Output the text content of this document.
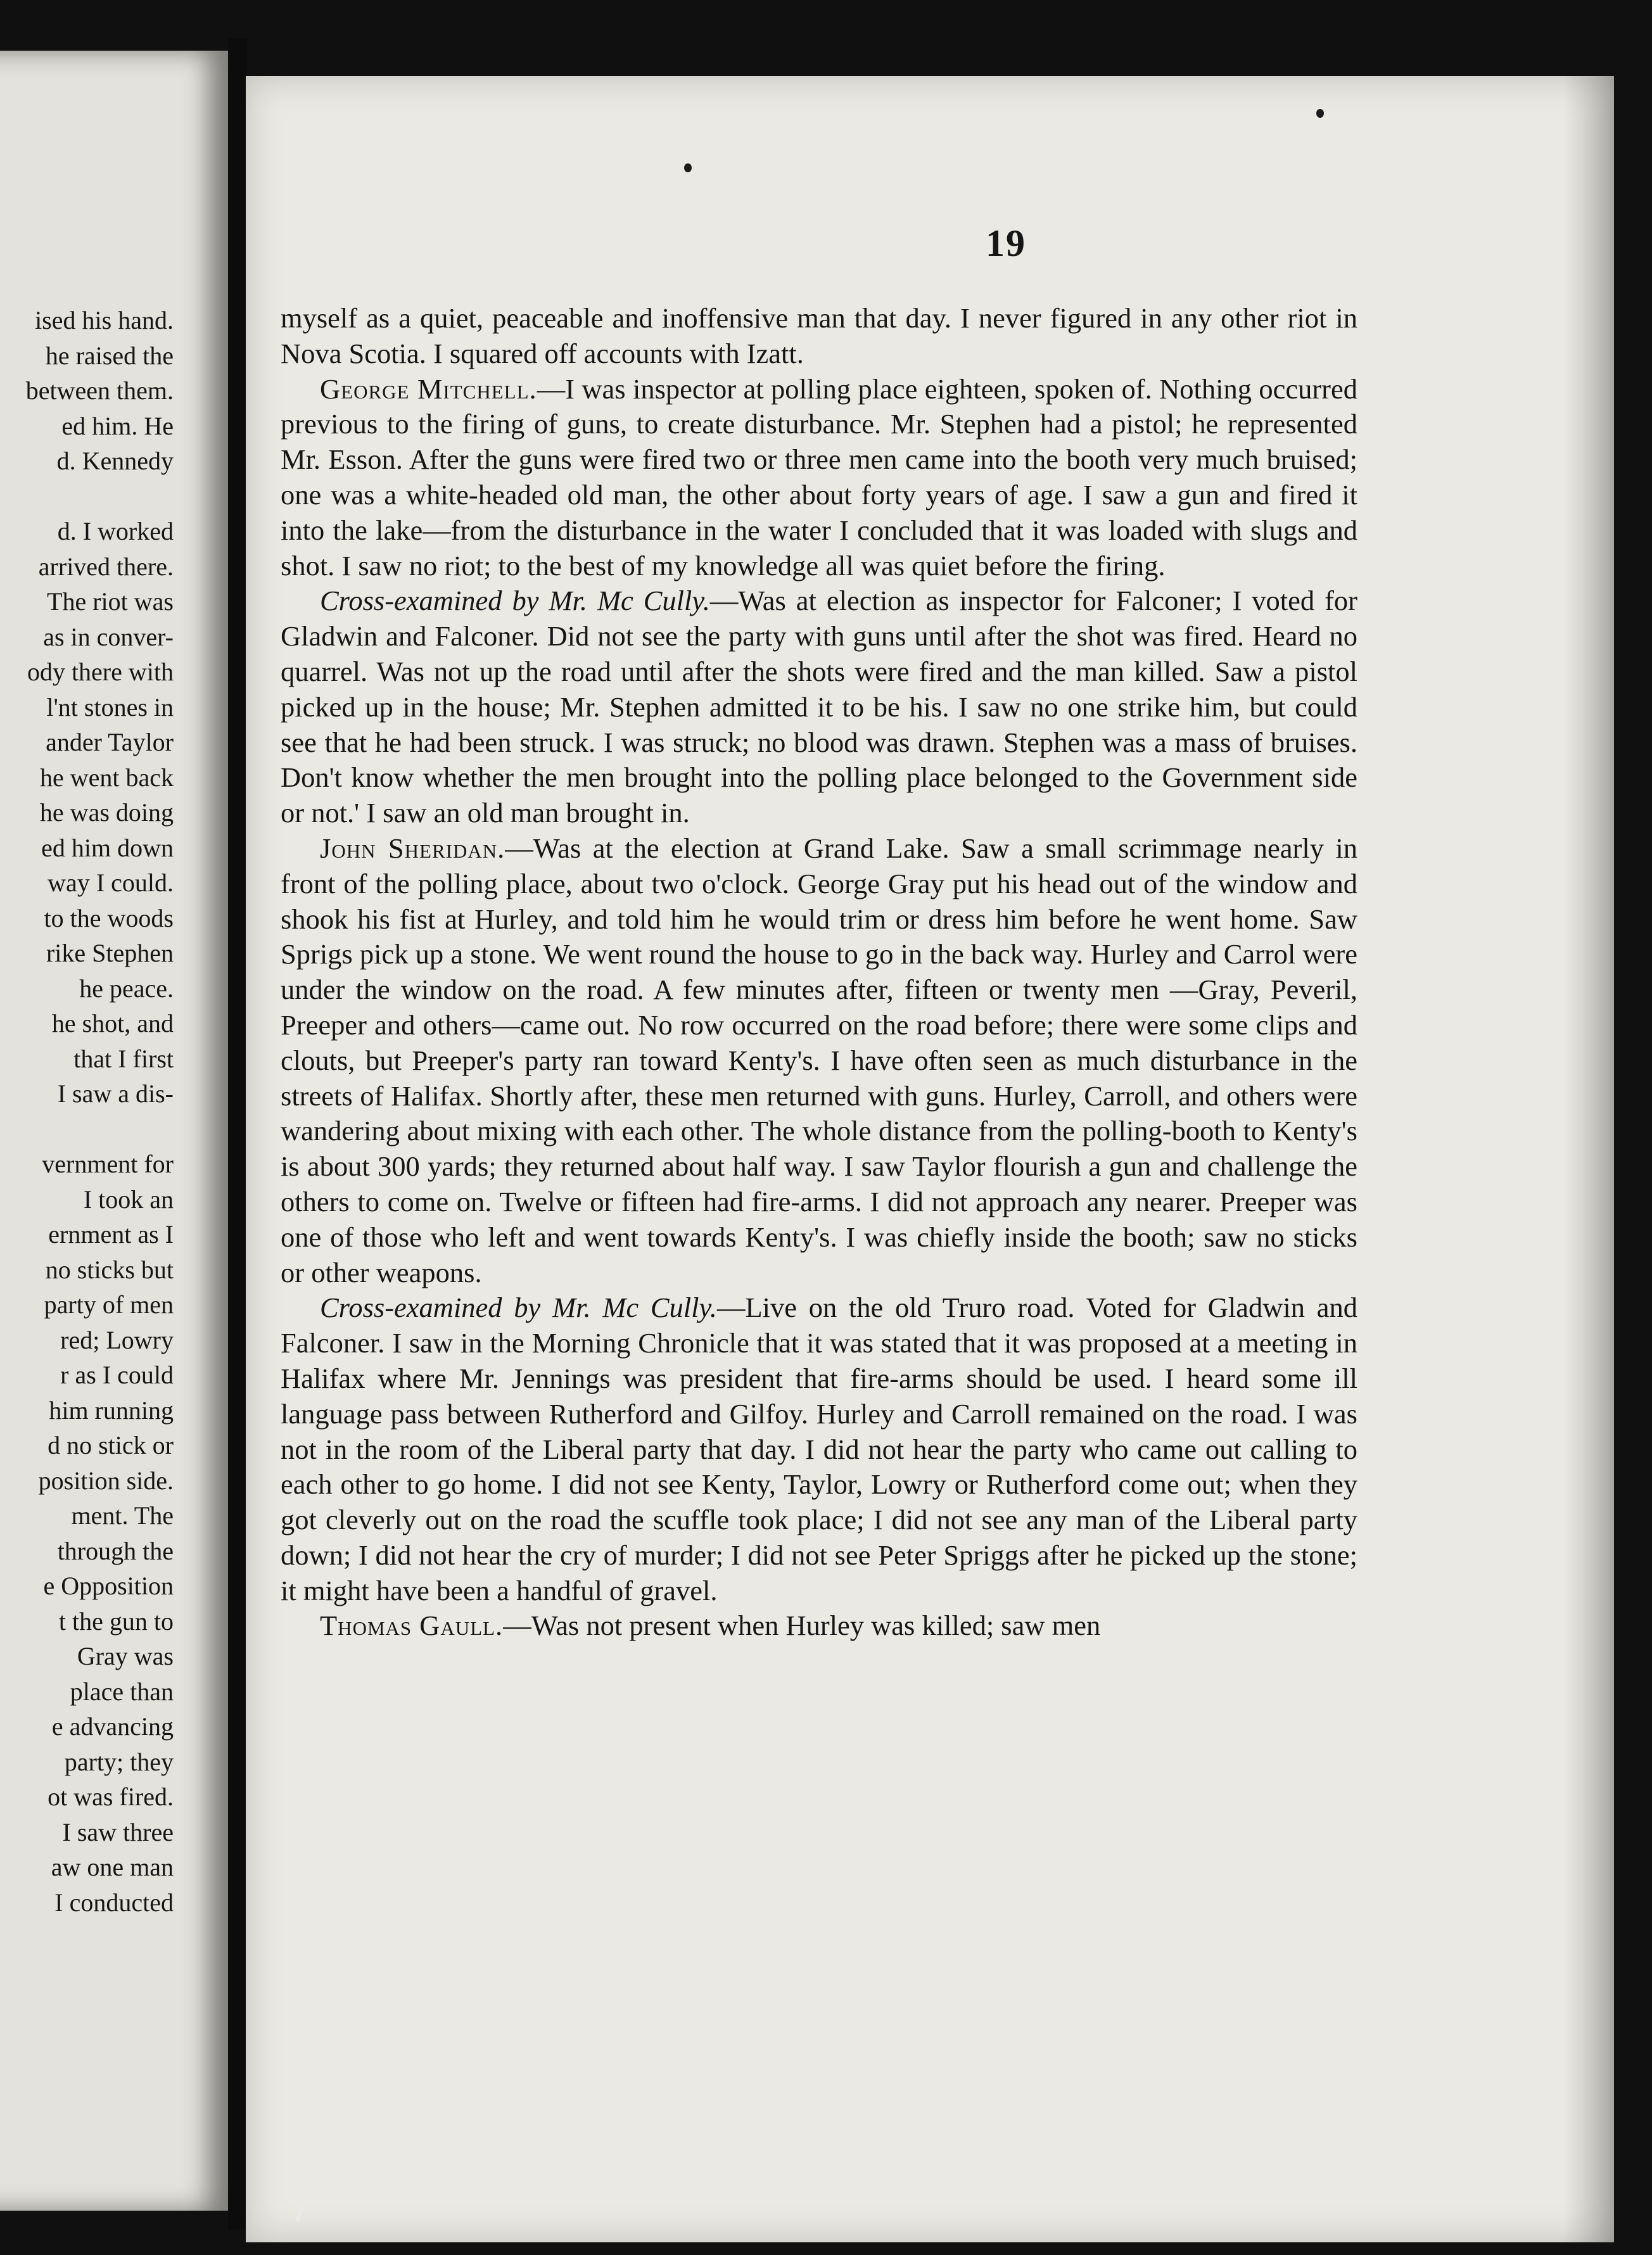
ised his hand.
he raised the
between them.
ed him. He
d. Kennedy
d. I worked
arrived there.
The riot was
as in conver-
ody there with
l'nt stones in
ander Taylor
he went back
he was doing
ed him down
way I could.
to the woods
rike Stephen
he peace.
he shot, and
that I first
I saw a dis-
vernment for
I took an
ernment as I
no sticks but
party of men
red; Lowry
r as I could
him running
d no stick or
position side.
ment. The
through the
e Opposition
t the gun to
Gray was
place than
e advancing
party; they
ot was fired.
I saw three
aw one man
I conducted
19

myself as a quiet, peaceable and inoffensive man that day. I never figured in any other riot in Nova Scotia. I squared off accounts with Izatt.

George Mitchell.—I was inspector at polling place eighteen, spoken of. Nothing occurred previous to the firing of guns, to create disturbance. Mr. Stephen had a pistol; he represented Mr. Esson. After the guns were fired two or three men came into the booth very much bruised; one was a white-headed old man, the other about forty years of age. I saw a gun and fired it into the lake—from the disturbance in the water I concluded that it was loaded with slugs and shot. I saw no riot; to the best of my knowledge all was quiet before the firing.

Cross-examined by Mr. Mc Cully.—Was at election as inspector for Falconer; I voted for Gladwin and Falconer. Did not see the party with guns until after the shot was fired. Heard no quarrel. Was not up the road until after the shots were fired and the man killed. Saw a pistol picked up in the house; Mr. Stephen admitted it to be his. I saw no one strike him, but could see that he had been struck. I was struck; no blood was drawn. Stephen was a mass of bruises. Don't know whether the men brought into the polling place belonged to the Government side or not.' I saw an old man brought in.

John Sheridan.—Was at the election at Grand Lake. Saw a small scrimmage nearly in front of the polling place, about two o'clock. George Gray put his head out of the window and shook his fist at Hurley, and told him he would trim or dress him before he went home. Saw Sprigs pick up a stone. We went round the house to go in the back way. Hurley and Carrol were under the window on the road. A few minutes after, fifteen or twenty men —Gray, Peveril, Preeper and others—came out. No row occurred on the road before; there were some clips and clouts, but Preeper's party ran toward Kenty's. I have often seen as much disturbance in the streets of Halifax. Shortly after, these men returned with guns. Hurley, Carroll, and others were wandering about mixing with each other. The whole distance from the polling-booth to Kenty's is about 300 yards; they returned about half way. I saw Taylor flourish a gun and challenge the others to come on. Twelve or fifteen had fire-arms. I did not approach any nearer. Preeper was one of those who left and went towards Kenty's. I was chiefly inside the booth; saw no sticks or other weapons.

Cross-examined by Mr. Mc Cully.—Live on the old Truro road. Voted for Gladwin and Falconer. I saw in the Morning Chronicle that it was stated that it was proposed at a meeting in Halifax where Mr. Jennings was president that fire-arms should be used. I heard some ill language pass between Rutherford and Gilfoy. Hurley and Carroll remained on the road. I was not in the room of the Liberal party that day. I did not hear the party who came out calling to each other to go home. I did not see Kenty, Taylor, Lowry or Rutherford come out; when they got cleverly out on the road the scuffle took place; I did not see any man of the Liberal party down; I did not hear the cry of murder; I did not see Peter Spriggs after he picked up the stone; it might have been a handful of gravel.

Thomas Gaull.—Was not present when Hurley was killed; saw men
